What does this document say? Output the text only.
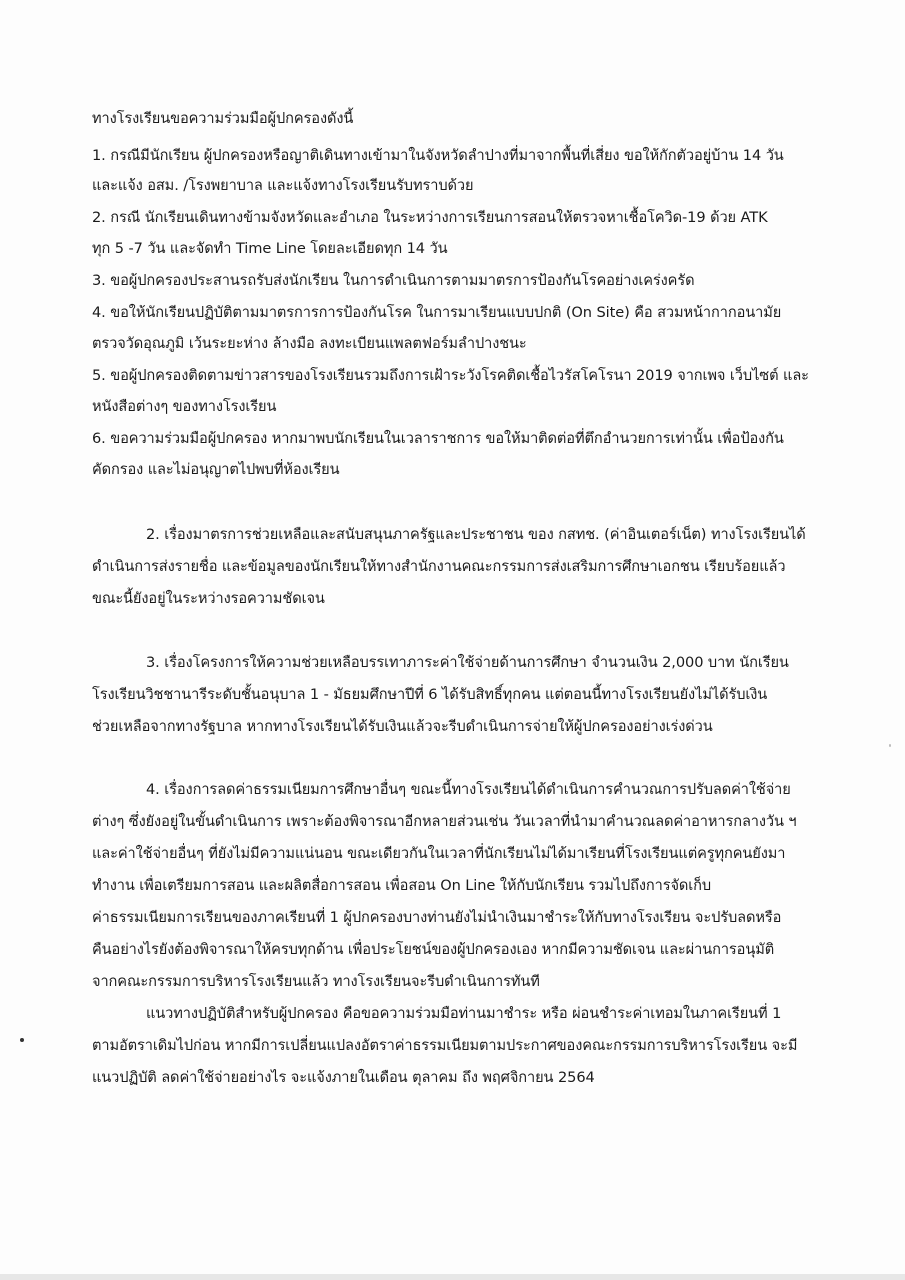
ทางโรงเรียนขอความร่วมมือผู้ปกครองดังนี้
1. กรณีมีนักเรียน ผู้ปกครองหรือญาติเดินทางเข้ามาในจังหวัดลำปางที่มาจากพื้นที่เสี่ยง ขอให้กักตัวอยู่บ้าน 14 วัน
และแจ้ง อสม. /โรงพยาบาล และแจ้งทางโรงเรียนรับทราบด้วย
2. กรณี นักเรียนเดินทางข้ามจังหวัดและอำเภอ ในระหว่างการเรียนการสอนให้ตรวจหาเชื้อโควิด-19 ด้วย ATK
ทุก 5 -7 วัน และจัดทำ Time Line โดยละเอียดทุก 14 วัน
3. ขอผู้ปกครองประสานรถรับส่งนักเรียน ในการดำเนินการตามมาตรการป้องกันโรคอย่างเคร่งครัด
4. ขอให้นักเรียนปฏิบัติตามมาตรการการป้องกันโรค ในการมาเรียนแบบปกติ (On Site) คือ สวมหน้ากากอนามัย
ตรวจวัดอุณภูมิ เว้นระยะห่าง ล้างมือ ลงทะเบียนแพลตฟอร์มลำปางชนะ
5. ขอผู้ปกครองติดตามข่าวสารของโรงเรียนรวมถึงการเฝ้าระวังโรคติดเชื้อไวรัสโคโรนา 2019 จากเพจ เว็บไซต์ และ
หนังสือต่างๆ ของทางโรงเรียน
6. ขอความร่วมมือผู้ปกครอง หากมาพบนักเรียนในเวลาราชการ ขอให้มาติดต่อที่ตึกอำนวยการเท่านั้น เพื่อป้องกัน
คัดกรอง และไม่อนุญาตไปพบที่ห้องเรียน
2. เรื่องมาตรการช่วยเหลือและสนับสนุนภาครัฐและประชาชน ของ กสทช. (ค่าอินเตอร์เน็ต) ทางโรงเรียนได้
ดำเนินการส่งรายชื่อ และข้อมูลของนักเรียนให้ทางสำนักงานคณะกรรมการส่งเสริมการศึกษาเอกชน เรียบร้อยแล้ว
ขณะนี้ยังอยู่ในระหว่างรอความชัดเจน
3. เรื่องโครงการให้ความช่วยเหลือบรรเทาภาระค่าใช้จ่ายด้านการศึกษา จำนวนเงิน 2,000 บาท นักเรียน
โรงเรียนวิชชานารีระดับชั้นอนุบาล 1 - มัธยมศึกษาปีที่ 6 ได้รับสิทธิ์ทุกคน แต่ตอนนี้ทางโรงเรียนยังไม่ได้รับเงิน
ช่วยเหลือจากทางรัฐบาล หากทางโรงเรียนได้รับเงินแล้วจะรีบดำเนินการจ่ายให้ผู้ปกครองอย่างเร่งด่วน
4. เรื่องการลดค่าธรรมเนียมการศึกษาอื่นๆ ขณะนี้ทางโรงเรียนได้ดำเนินการคำนวณการปรับลดค่าใช้จ่าย
ต่างๆ ซึ่งยังอยู่ในขั้นดำเนินการ เพราะต้องพิจารณาอีกหลายส่วนเช่น วันเวลาที่นำมาคำนวณลดค่าอาหารกลางวัน ฯ
และค่าใช้จ่ายอื่นๆ ที่ยังไม่มีความแน่นอน ขณะเดียวกันในเวลาที่นักเรียนไม่ได้มาเรียนที่โรงเรียนแต่ครูทุกคนยังมา
ทำงาน เพื่อเตรียมการสอน และผลิตสื่อการสอน เพื่อสอน On Line ให้กับนักเรียน รวมไปถึงการจัดเก็บ
ค่าธรรมเนียมการเรียนของภาคเรียนที่ 1 ผู้ปกครองบางท่านยังไม่นำเงินมาชำระให้กับทางโรงเรียน จะปรับลดหรือ
คืนอย่างไรยังต้องพิจารณาให้ครบทุกด้าน เพื่อประโยชน์ของผู้ปกครองเอง หากมีความชัดเจน และผ่านการอนุมัติ
จากคณะกรรมการบริหารโรงเรียนแล้ว ทางโรงเรียนจะรีบดำเนินการทันที
แนวทางปฏิบัติสำหรับผู้ปกครอง คือขอความร่วมมือท่านมาชำระ หรือ ผ่อนชำระค่าเทอมในภาคเรียนที่ 1
ตามอัตราเดิมไปก่อน หากมีการเปลี่ยนแปลงอัตราค่าธรรมเนียมตามประกาศของคณะกรรมการบริหารโรงเรียน จะมี
แนวปฏิบัติ ลดค่าใช้จ่ายอย่างไร จะแจ้งภายในเดือน ตุลาคม ถึง พฤศจิกายน 2564
